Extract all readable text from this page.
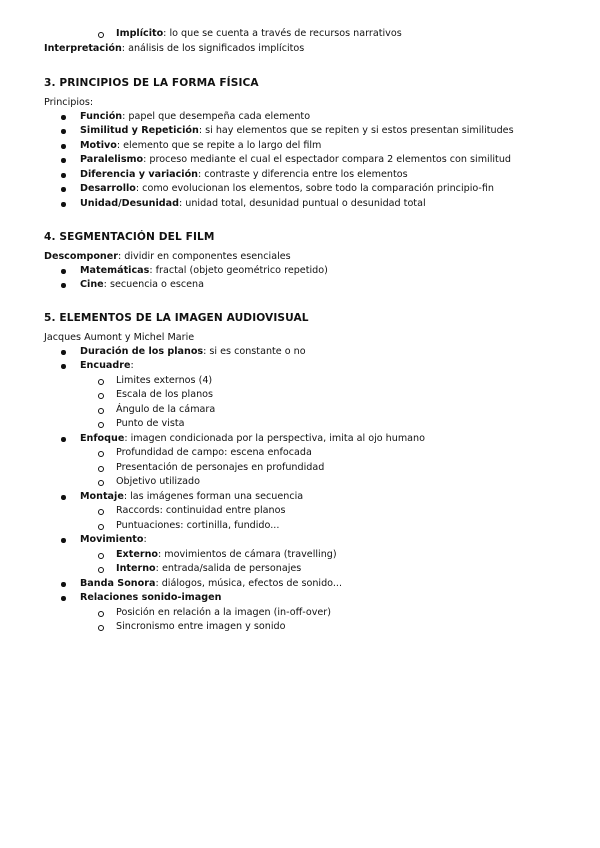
Implícito: lo que se cuenta a través de recursos narrativos
Interpretación: análisis de los significados implícitos
3. PRINCIPIOS DE LA FORMA FÍSICA
Principios:
Función: papel que desempeña cada elemento
Similitud y Repetición: si hay elementos que se repiten y si estos presentan similitudes
Motivo: elemento que se repite a lo largo del film
Paralelismo: proceso mediante el cual el espectador compara 2 elementos con similitud
Diferencia y variación: contraste y diferencia entre los elementos
Desarrollo: como evolucionan los elementos, sobre todo la comparación principio-fin
Unidad/Desunidad: unidad total, desunidad puntual o desunidad total
4. SEGMENTACIÓN DEL FILM
Descomponer: dividir en componentes esenciales
Matemáticas: fractal (objeto geométrico repetido)
Cine: secuencia o escena
5. ELEMENTOS DE LA IMAGEN AUDIOVISUAL
Jacques Aumont y Michel Marie
Duración de los planos: si es constante o no
Encuadre:
Limites externos (4)
Escala de los planos
Ángulo de la cámara
Punto de vista
Enfoque: imagen condicionada por la perspectiva, imita al ojo humano
Profundidad de campo: escena enfocada
Presentación de personajes en profundidad
Objetivo utilizado
Montaje: las imágenes forman una secuencia
Raccords: continuidad entre planos
Puntuaciones: cortinilla, fundido...
Movimiento:
Externo: movimientos de cámara (travelling)
Interno: entrada/salida de personajes
Banda Sonora: diálogos, música, efectos de sonido...
Relaciones sonido-imagen
Posición en relación a la imagen (in-off-over)
Sincronismo entre imagen y sonido
